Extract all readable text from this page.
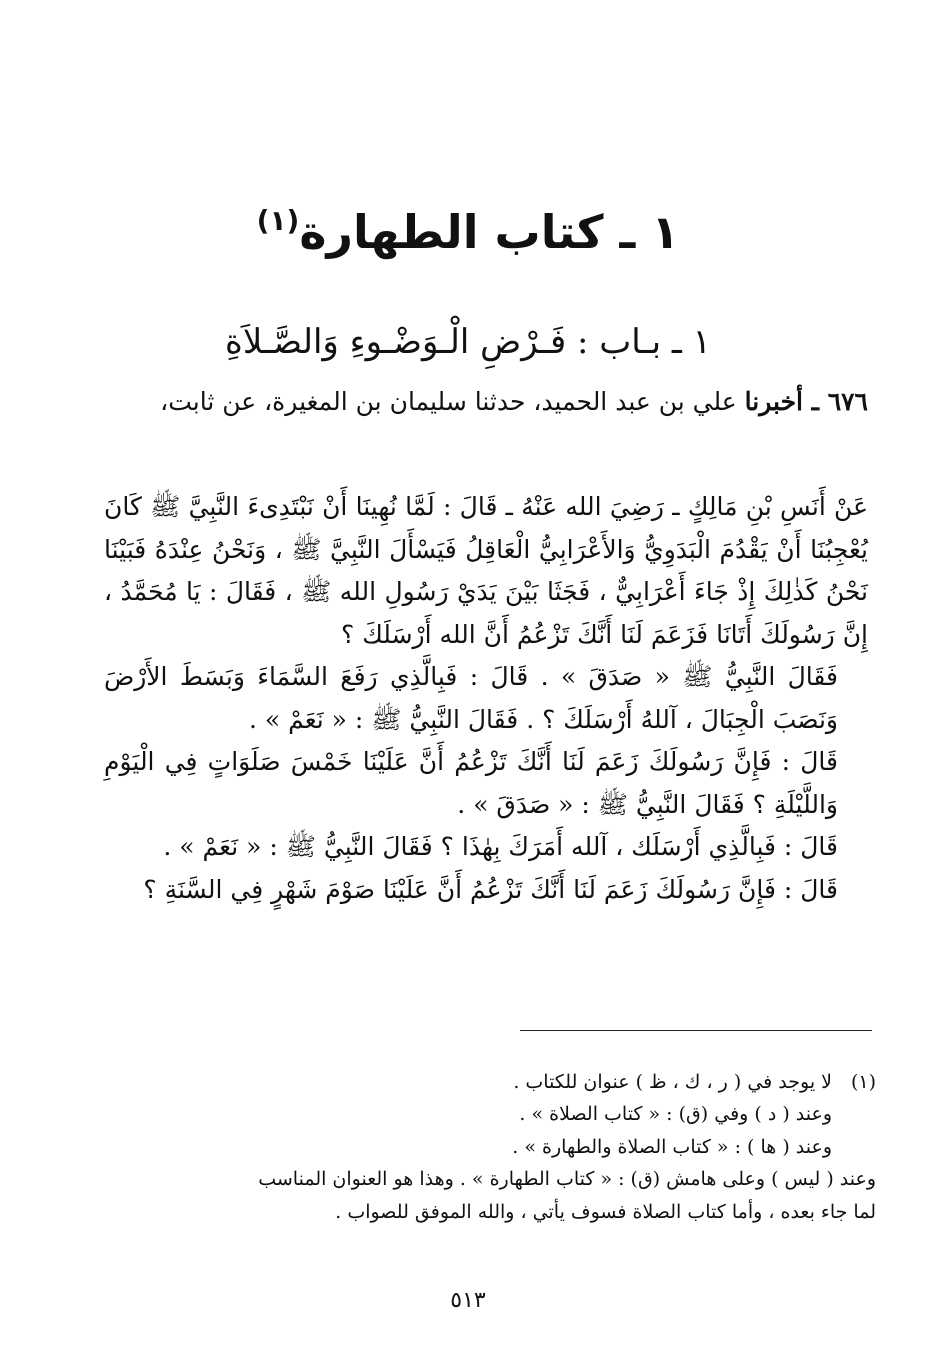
١ ـ كتاب الطهارة$^{(١)}$
١ ـ بـاب : فَـرْضِ الْـوَضْـوءِ وَالصَّـلاَةِ
٦٧٦ ـ أخبرنا علي بن عبد الحميد، حدثنا سليمان بن المغيرة، عن ثابت،

عَنْ أَنَسِ بْنِ مَالِكٍ ـ رَضِيَ الله عَنْهُ ـ قَالَ : لَمَّا نُهِينَا أَنْ نَبْتَدِىءَ النَّبِيَّ ﷺ كَانَ يُعْجِبُنَا أَنْ يَقْدُمَ الْبَدَوِيُّ وَالأَعْرَابِيُّ الْعَاقِلُ فَيَسْأَلَ النَّبِيَّ ﷺ ، وَنَحْنُ عِنْدَهُ فَبَيْنَا نَحْنُ كَذٰلِكَ إِذْ جَاءَ أَعْرَابِيٌّ ، فَجَثَا بَيْنَ يَدَيْ رَسُولِ الله ﷺ ، فَقَالَ : يَا مُحَمَّدُ ، إِنَّ رَسُولَكَ أَتَانَا فَزَعَمَ لَنَا أَنَّكَ تَزْعُمُ أَنَّ الله أَرْسَلَكَ ؟

فَقَالَ النَّبِيُّ ﷺ « صَدَقَ » . قَالَ : فَبِالَّذِي رَفَعَ السَّمَاءَ وَبَسَطَ الأَرْضَ وَنَصَبَ الْجِبَالَ ، آللهُ أَرْسَلَكَ ؟ . فَقَالَ النَّبِيُّ ﷺ : « نَعَمْ » .

قَالَ : فَإِنَّ رَسُولَكَ زَعَمَ لَنَا أَنَّكَ تَزْعُمُ أَنَّ عَلَيْنَا خَمْسَ صَلَوَاتٍ فِي الْيَوْمِ وَاللَّيْلَةِ ؟ فَقَالَ النَّبِيُّ ﷺ : « صَدَقَ » .

قَالَ : فَبِالَّذِي أَرْسَلَك ، آلله أَمَرَكَ بِهٰذَا ؟ فَقَالَ النَّبِيُّ ﷺ : « نَعَمْ » .

قَالَ : فَإِنَّ رَسُولَكَ زَعَمَ لَنَا أَنَّكَ تَزْعُمُ أَنَّ عَلَيْنَا صَوْمَ شَهْرٍ فِي السَّنَةِ ؟

(١)
لا يوجد في ( ر ، ك ، ظ ) عنوان للكتاب .
وعند ( د ) وفي (ق) : « كتاب الصلاة » .
وعند ( ها ) : « كتاب الصلاة والطهارة » .
وعند ( ليس ) وعلى هامش (ق) : « كتاب الطهارة » . وهذا هو العنوان المناسب
لما جاء بعده ، وأما كتاب الصلاة فسوف يأتي ، والله الموفق للصواب .
٥١٣
